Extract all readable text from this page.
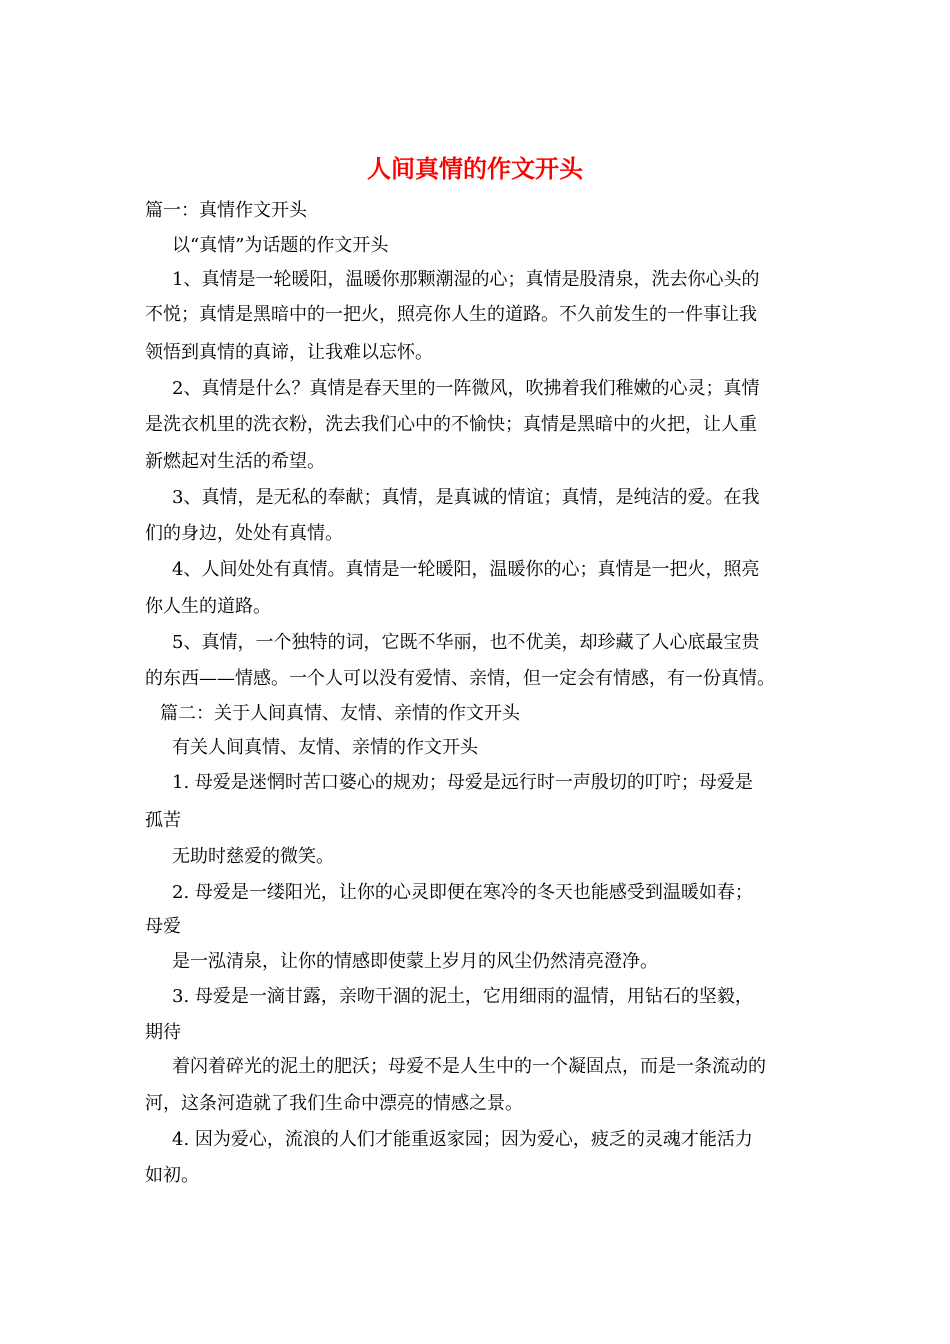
人间真情的作文开头
篇一：真情作文开头
以“真情”为话题的作文开头
1、真情是一轮暖阳，温暖你那颗潮湿的心；真情是股清泉，洗去你心头的
不悦；真情是黑暗中的一把火，照亮你人生的道路。不久前发生的一件事让我
领悟到真情的真谛，让我难以忘怀。
2、真情是什么？真情是春天里的一阵微风，吹拂着我们稚嫩的心灵；真情
是洗衣机里的洗衣粉，洗去我们心中的不愉快；真情是黑暗中的火把，让人重
新燃起对生活的希望。
3、真情，是无私的奉献；真情，是真诚的情谊；真情，是纯洁的爱。在我
们的身边，处处有真情。
4、人间处处有真情。真情是一轮暖阳，温暖你的心；真情是一把火，照亮
你人生的道路。
5、真情，一个独特的词，它既不华丽，也不优美，却珍藏了人心底最宝贵
的东西——情感。一个人可以没有爱情、亲情，但一定会有情感，有一份真情。
篇二：关于人间真情、友情、亲情的作文开头
有关人间真情、友情、亲情的作文开头
1. 母爱是迷惘时苦口婆心的规劝；母爱是远行时一声殷切的叮咛；母爱是
孤苦
无助时慈爱的微笑。
2. 母爱是一缕阳光，让你的心灵即便在寒冷的冬天也能感受到温暖如春；
母爱
是一泓清泉，让你的情感即使蒙上岁月的风尘仍然清亮澄净。
3. 母爱是一滴甘露，亲吻干涸的泥土，它用细雨的温情，用钻石的坚毅，
期待
着闪着碎光的泥土的肥沃；母爱不是人生中的一个凝固点，而是一条流动的
河，这条河造就了我们生命中漂亮的情感之景。
4. 因为爱心，流浪的人们才能重返家园；因为爱心，疲乏的灵魂才能活力
如初。
